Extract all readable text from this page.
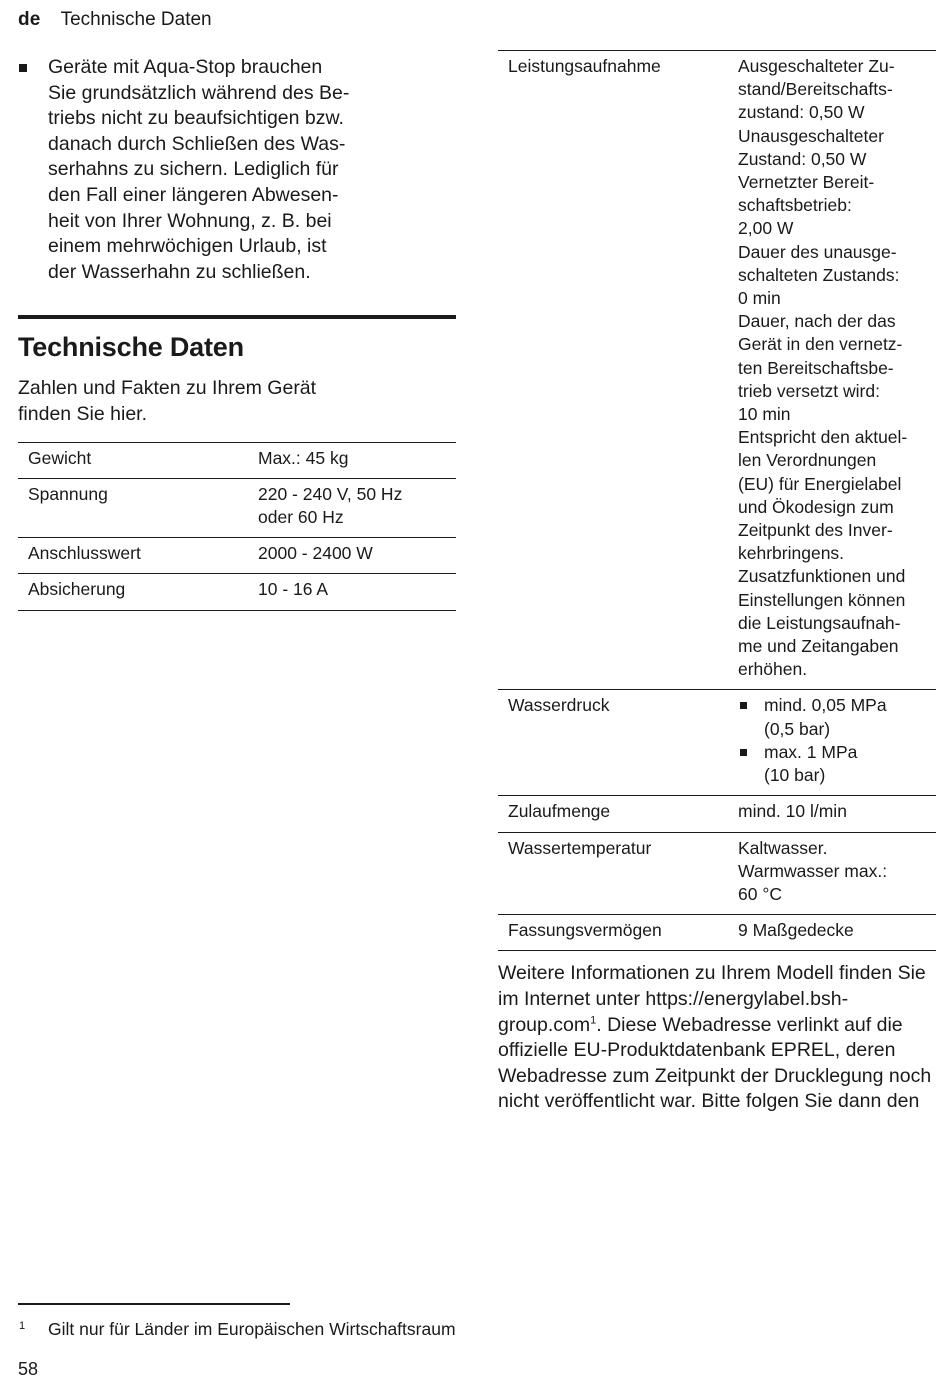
de Technische Daten
Geräte mit Aqua-Stop brauchen
Sie grundsätzlich während des Be-
triebs nicht zu beaufsichtigen bzw.
danach durch Schließen des Was-
serhahns zu sichern. Lediglich für
den Fall einer längeren Abwesen-
heit von Ihrer Wohnung, z. B. bei
einem mehrwöchigen Urlaub, ist
der Wasserhahn zu schließen.
Technische Daten

Zahlen und Fakten zu Ihrem Gerät
finden Sie hier.

Gewicht	Max.: 45 kg

Spannung	220 - 240 V, 50 Hz
oder 60 Hz

Anschlusswert	2000 - 2400 W

Absicherung	10 - 16 A
Leistungsaufnahme	Ausgeschalteter Zu-
stand/Bereitschafts-
zustand: 0,50 W
Unausgeschalteter
Zustand: 0,50 W
Vernetzter Bereit-
schaftsbetrieb:
2,00 W
Dauer des unausge-
schalteten Zustands:
0 min
Dauer, nach der das
Gerät in den vernetz-
ten Bereitschaftsbe-
trieb versetzt wird:
10 min
Entspricht den aktuel-
len Verordnungen
(EU) für Energielabel
und Ökodesign zum
Zeitpunkt des Inver-
kehrbringens.
Zusatzfunktionen und
Einstellungen können
die Leistungsaufnah-
me und Zeitangaben
erhöhen.

Wasserdruck	mind. 0,05 MPa
(0,5 bar)
max. 1 MPa
(10 bar)

Zulaufmenge	mind. 10 l/min

Wassertemperatur	Kaltwasser.
Warmwasser max.:
60 °C

Fassungsvermögen	9 Maßgedecke

Weitere Informationen zu Ihrem Modell finden Sie im Internet unter https://energylabel.bsh-group.com$^1$. Diese Webadresse verlinkt auf die offizielle EU-Produktdatenbank EPREL, deren Webadresse zum Zeitpunkt der Drucklegung noch nicht veröffentlicht war. Bitte folgen Sie dann den

1	Gilt nur für Länder im Europäischen Wirtschaftsraum
58
